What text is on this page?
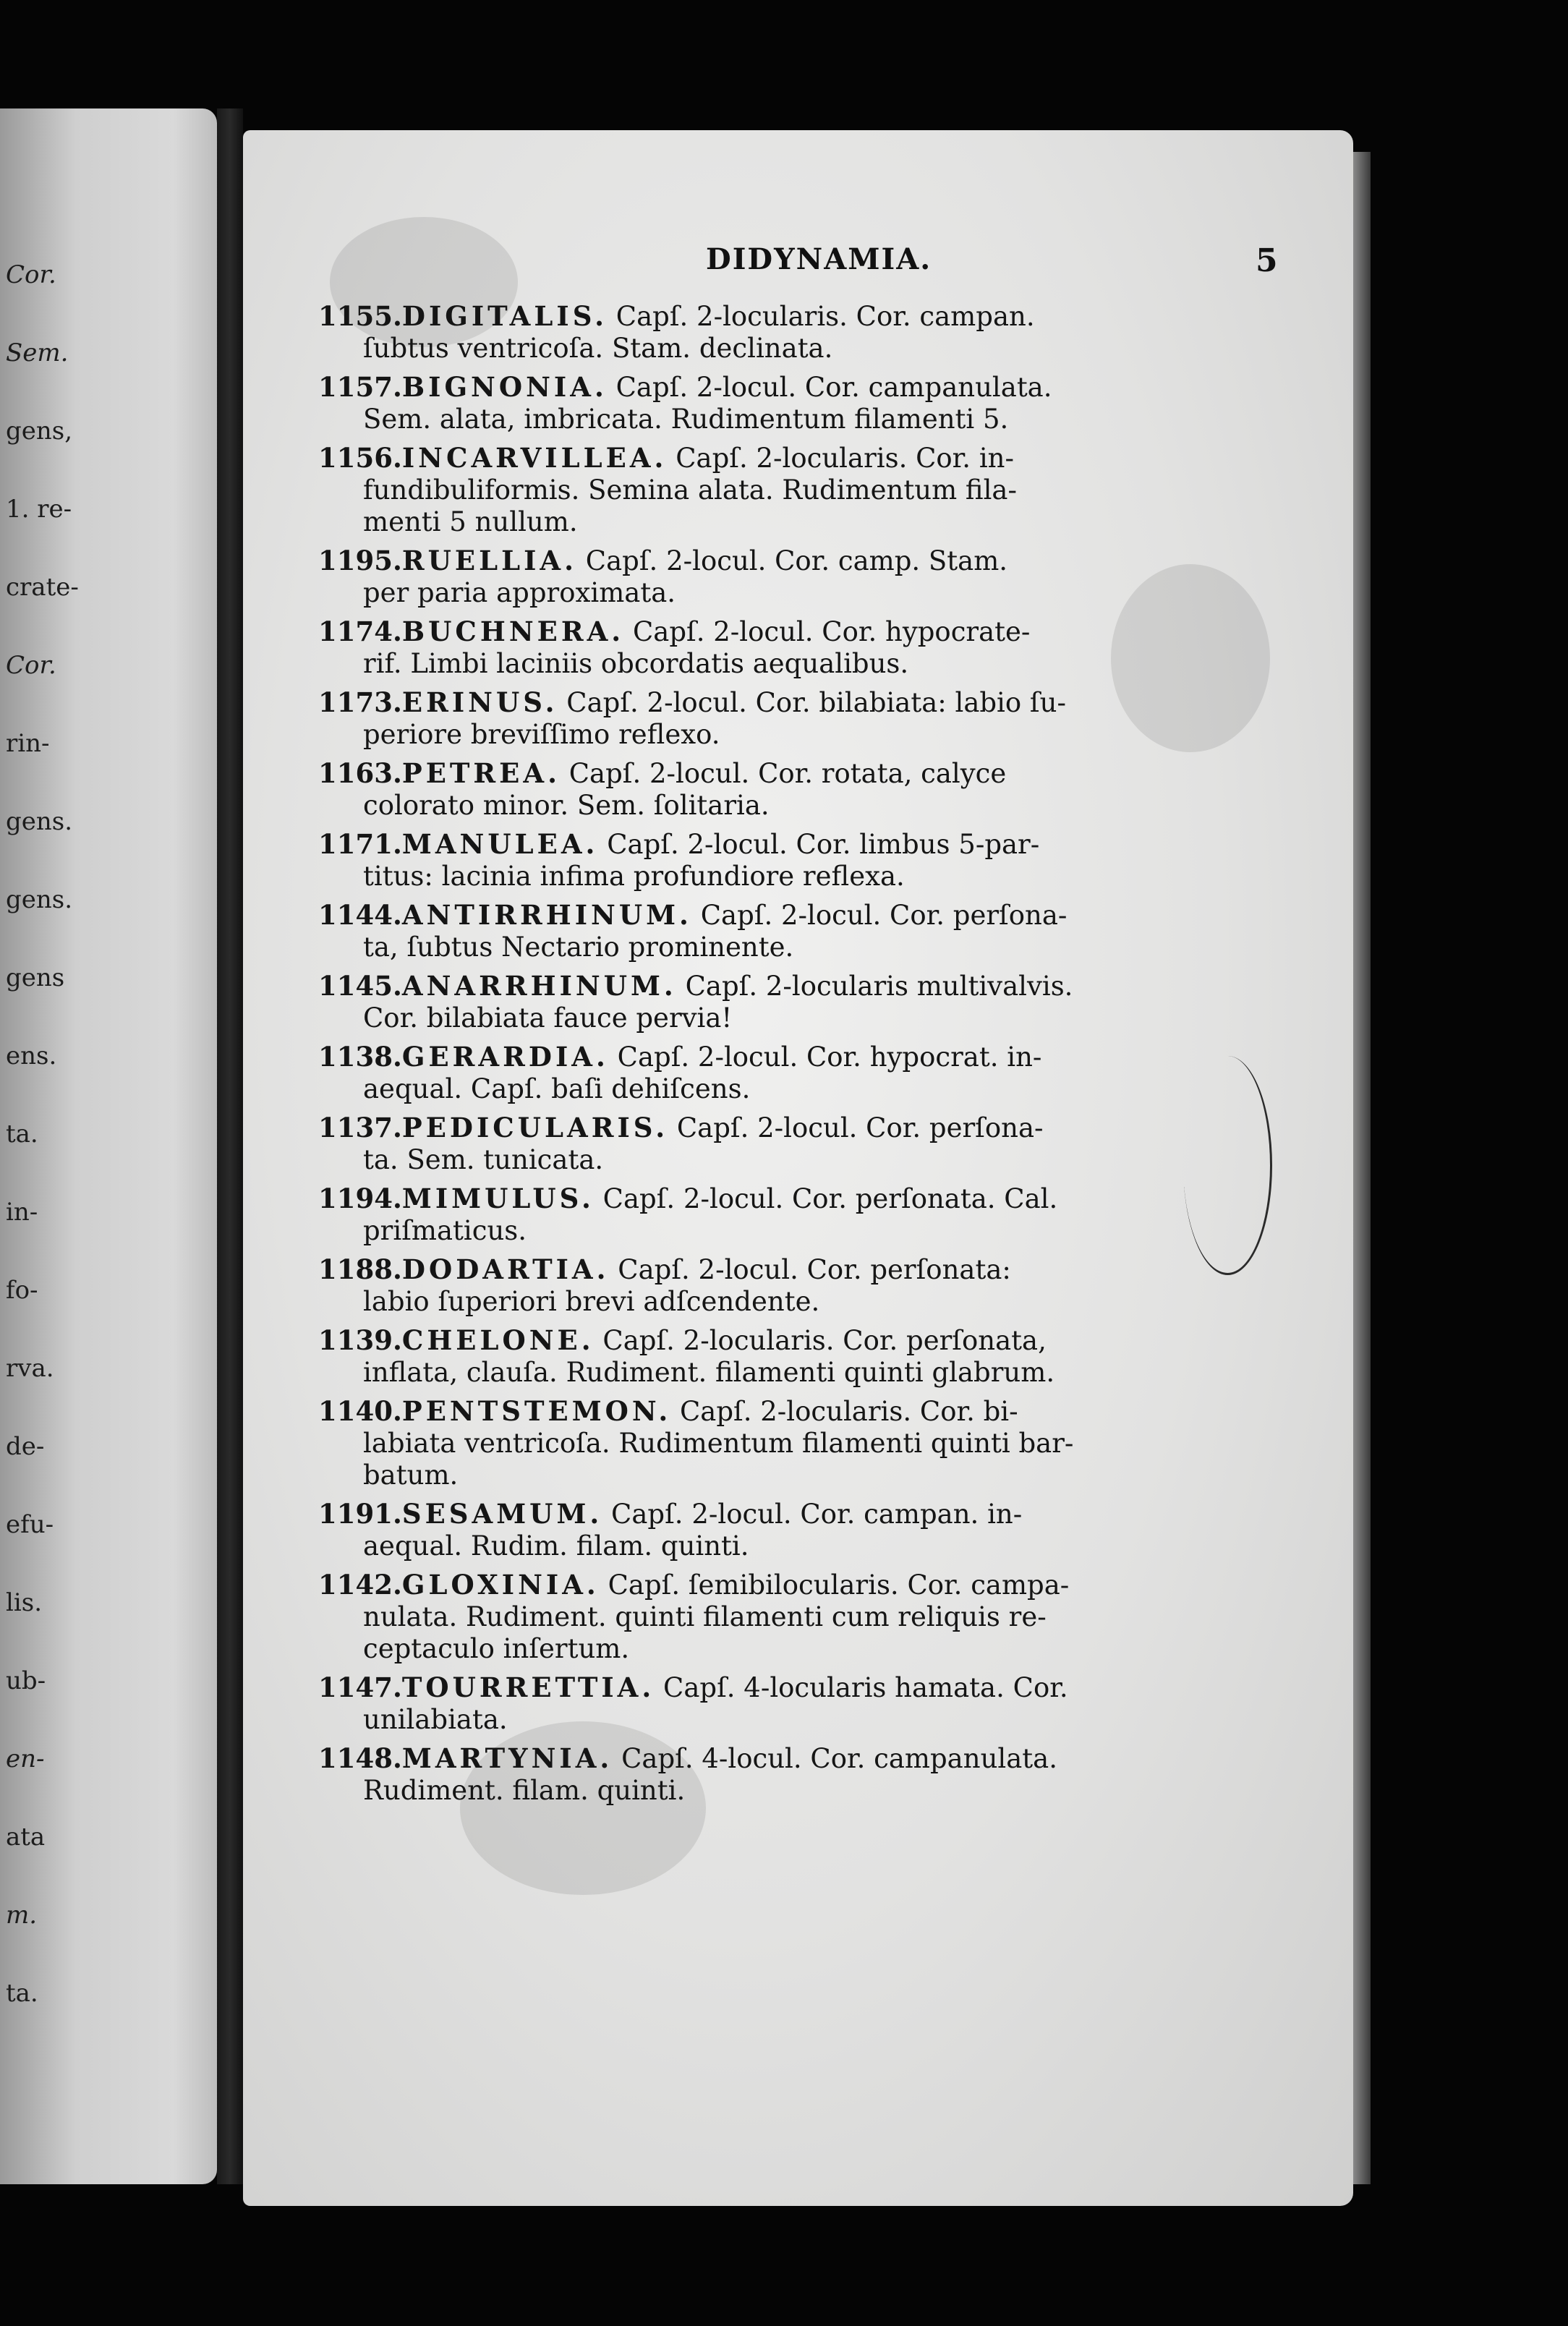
Cor.
Sem.
gens,
1. re-
crate-
Cor.
rin-
gens.
gens.
gens
ens.
ta.
in-
fo-
rva.
de-
efu-
lis.
ub-
en-
ata
m.
ta.
DIDYNAMIA.	5
1155.DIGITALIS. Capſ. 2-locularis. Cor. campan.
ſubtus ventricoſa. Stam. declinata.
1157.BIGNONIA. Capſ. 2-locul. Cor. campanulata.
Sem. alata, imbricata. Rudimentum filamenti 5.
1156.INCARVILLEA. Capſ. 2-locularis. Cor. in-
fundibuliformis. Semina alata. Rudimentum fila-
menti 5 nullum.
1195.RUELLIA. Capſ. 2-locul. Cor. camp. Stam.
per paria approximata.
1174.BUCHNERA. Capſ. 2-locul. Cor. hypocrate-
rif. Limbi laciniis obcordatis aequalibus.
1173.ERINUS. Capſ. 2-locul. Cor. bilabiata: labio ſu-
periore breviſſimo reflexo.
1163.PETREA. Capſ. 2-locul. Cor. rotata, calyce
colorato minor. Sem. ſolitaria.
1171.MANULEA. Capſ. 2-locul. Cor. limbus 5-par-
titus: lacinia infima profundiore reflexa.
1144.ANTIRRHINUM. Capſ. 2-locul. Cor. perſona-
ta, ſubtus Nectario prominente.
1145.ANARRHINUM. Capſ. 2-locularis multivalvis.
Cor. bilabiata fauce pervia!
1138.GERARDIA. Capſ. 2-locul. Cor. hypocrat. in-
aequal. Capſ. baſi dehiſcens.
1137.PEDICULARIS. Capſ. 2-locul. Cor. perſona-
ta. Sem. tunicata.
1194.MIMULUS. Capſ. 2-locul. Cor. perſonata. Cal.
priſmaticus.
1188.DODARTIA. Capſ. 2-locul. Cor. perſonata:
labio ſuperiori brevi adſcendente.
1139.CHELONE. Capſ. 2-locularis. Cor. perſonata,
inflata, clauſa. Rudiment. filamenti quinti glabrum.
1140.PENTSTEMON. Capſ. 2-locularis. Cor. bi-
labiata ventricoſa. Rudimentum filamenti quinti bar-
batum.
1191.SESAMUM. Capſ. 2-locul. Cor. campan. in-
aequal. Rudim. filam. quinti.
1142.GLOXINIA. Capſ. ſemibilocularis. Cor. campa-
nulata. Rudiment. quinti filamenti cum reliquis re-
ceptaculo inſertum.
1147.TOURRETTIA. Capſ. 4-locularis hamata. Cor.
unilabiata.
1148.MARTYNIA. Capſ. 4-locul. Cor. campanulata.
Rudiment. filam. quinti.
